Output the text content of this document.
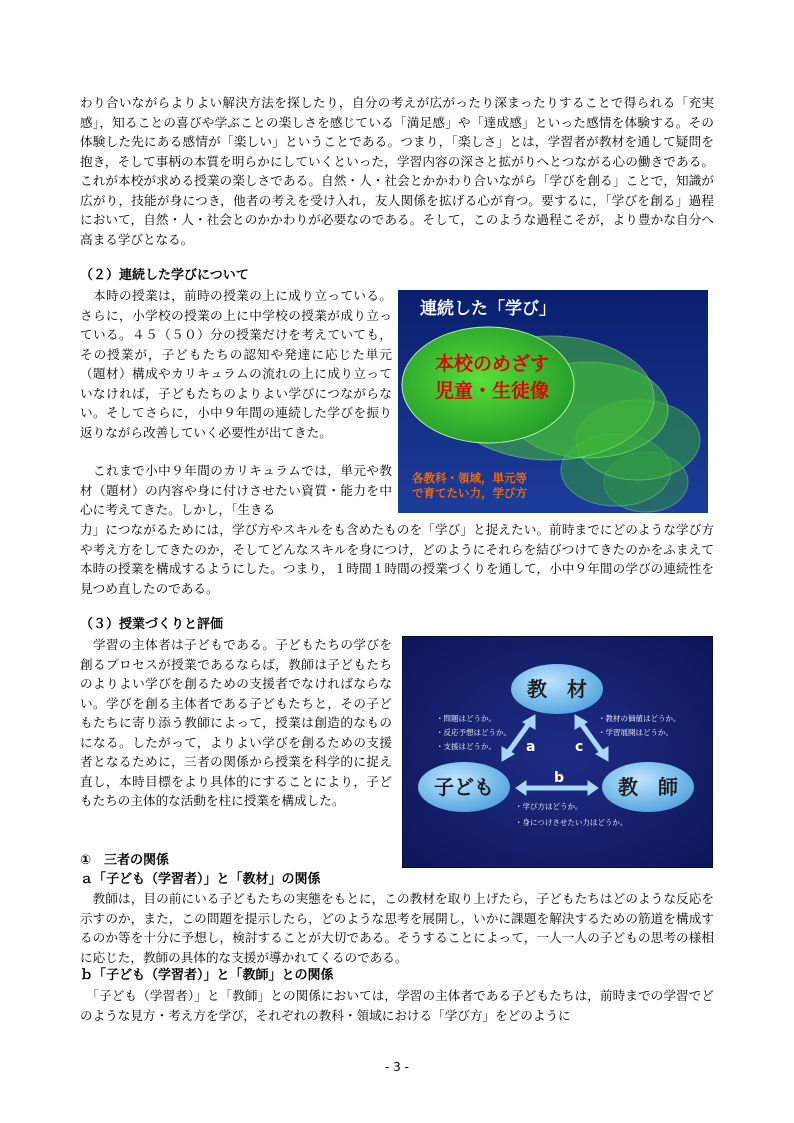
わり合いながらよりよい解決方法を探したり，自分の考えが広がったり深まったりすることで得られる「充実感」，知ることの喜びや学ぶことの楽しさを感じている「満足感」や「達成感」といった感情を体験する。その体験した先にある感情が「楽しい」ということである。つまり，「楽しさ」とは，学習者が教材を通して疑問を抱き，そして事柄の本質を明らかにしていくといった，学習内容の深さと拡がりへとつながる心の働きである。これが本校が求める授業の楽しさである。自然・人・社会とかかわり合いながら「学びを創る」ことで，知識が広がり，技能が身につき，他者の考えを受け入れ，友人関係を拡げる心が育つ。要するに，「学びを創る」過程において，自然・人・社会とのかかわりが必要なのである。そして，このような過程こそが，より豊かな自分へ高まる学びとなる。

（２）連続した学びについて

　本時の授業は，前時の授業の上に成り立っている。さらに，小学校の授業の上に中学校の授業が成り立っている。４５（５０）分の授業だけを考えていても，その授業が，子どもたちの認知や発達に応じた単元（題材）構成やカリキュラムの流れの上に成り立っていなければ，子どもたちのよりよい学びにつながらない。そしてさらに，小中９年間の連続した学びを振り返りながら改善していく必要性が出てきた。

　これまで小中９年間のカリキュラムでは，単元や教材（題材）の内容や身に付けさせたい資質・能力を中心に考えてきた。しかし，「生きる

力」につながるためには，学び方やスキルをも含めたものを「学び」と捉えたい。前時までにどのような学び方や考え方をしてきたのか，そしてどんなスキルを身につけ，どのようにそれらを結びつけてきたのかをふまえて本時の授業を構成するようにした。つまり，１時間１時間の授業づくりを通して，小中９年間の学びの連続性を見つめ直したのである。

連続した「学び」
本校のめざす
児童・生徒像
各教科・領域，単元等
で育てたい力，学び方

（３）授業づくりと評価

　学習の主体者は子どもである。子どもたちの学びを創るプロセスが授業であるならば，教師は子どもたちのよりよい学びを創るための支援者でなければならない。学びを創る主体者である子どもたちと，その子どもたちに寄り添う教師によって，授業は創造的なものになる。したがって，よりよい学びを創るための支援者となるために，三者の関係から授業を科学的に捉え直し，本時目標をより具体的にすることにより，子どもたちの主体的な活動を柱に授業を構成した。

教　材
子ども	教　師
a
b
c
・問題はどうか。
・反応予想はどうか。
・支援はどうか。
・教材の価値はどうか。
・学習展開はどうか。
・学び方はどうか。
・身につけさせたい力はどうか。

①　三者の関係

ａ「子ども（学習者）」と「教材」の関係

　教師は，目の前にいる子どもたちの実態をもとに，この教材を取り上げたら，子どもたちはどのような反応を示すのか，また，この問題を提示したら，どのような思考を展開し，いかに課題を解決するための筋道を構成するのか等を十分に予想し，検討することが大切である。そうすることによって，一人一人の子どもの思考の様相に応じた，教師の具体的な支援が導かれてくるのである。

ｂ「子ども（学習者）」と「教師」との関係

　「子ども（学習者）」と「教師」との関係においては，学習の主体者である子どもたちは，前時までの学習でどのような見方・考え方を学び，それぞれの教科・領域における「学び方」をどのように

- 3 -
